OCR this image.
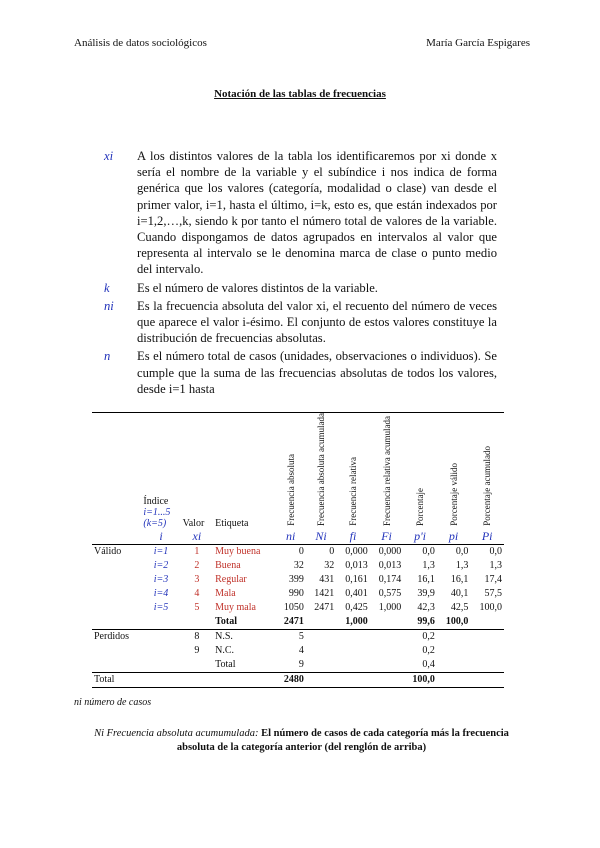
Análisis de datos sociológicos	María García Espigares
Notación de las tablas de frecuencias
xi A los distintos valores de la tabla los identificaremos por xi donde x sería el nombre de la variable y el subíndice i nos indica de forma genérica que los valores (categoría, modalidad o clase) van desde el primer valor, i=1, hasta el último, i=k, esto es, que están indexados por i=1,2,…,k, siendo k por tanto el número total de valores de la variable. Cuando dispongamos de datos agrupados en intervalos al valor que representa al intervalo se le denomina marca de clase o punto medio del intervalo.
k Es el número de valores distintos de la variable.
ni Es la frecuencia absoluta del valor xi, el recuento del número de veces que aparece el valor i-ésimo. El conjunto de estos valores constituye la distribución de frecuencias absolutas.
n Es el número total de casos (unidades, observaciones o individuos). Se cumple que la suma de las frecuencias absolutas de todos los valores, desde i=1 hasta

	Índice
i=1...5
(k=5)	Valor	Etiqueta	Frecuencia absoluta	Frecuencia absoluta acumulada	Frecuencia relativa	Frecuencia relativa acumulada	Porcentaje	Porcentaje válido	Porcentaje acumulado
	i	xi		ni	Ni	fi	Fi	p'i	pi	Pi
Válido	i=1	1	Muy buena	0	0	0,000	0,000	0,0	0,0	0,0
	i=2	2	Buena	32	32	0,013	0,013	1,3	1,3	1,3
	i=3	3	Regular	399	431	0,161	0,174	16,1	16,1	17,4
	i=4	4	Mala	990	1421	0,401	0,575	39,9	40,1	57,5
	i=5	5	Muy mala	1050	2471	0,425	1,000	42,3	42,5	100,0
			Total	2471		1,000		99,6	100,0	
Perdidos		8	N.S.	5				0,2		
		9	N.C.	4				0,2		
			Total	9				0,4		
Total				2480				100,0		
ni número de casos
Ni Frecuencia absoluta acumumulada: El número de casos de cada categoría más la frecuencia absoluta de la categoría anterior (del renglón de arriba)
